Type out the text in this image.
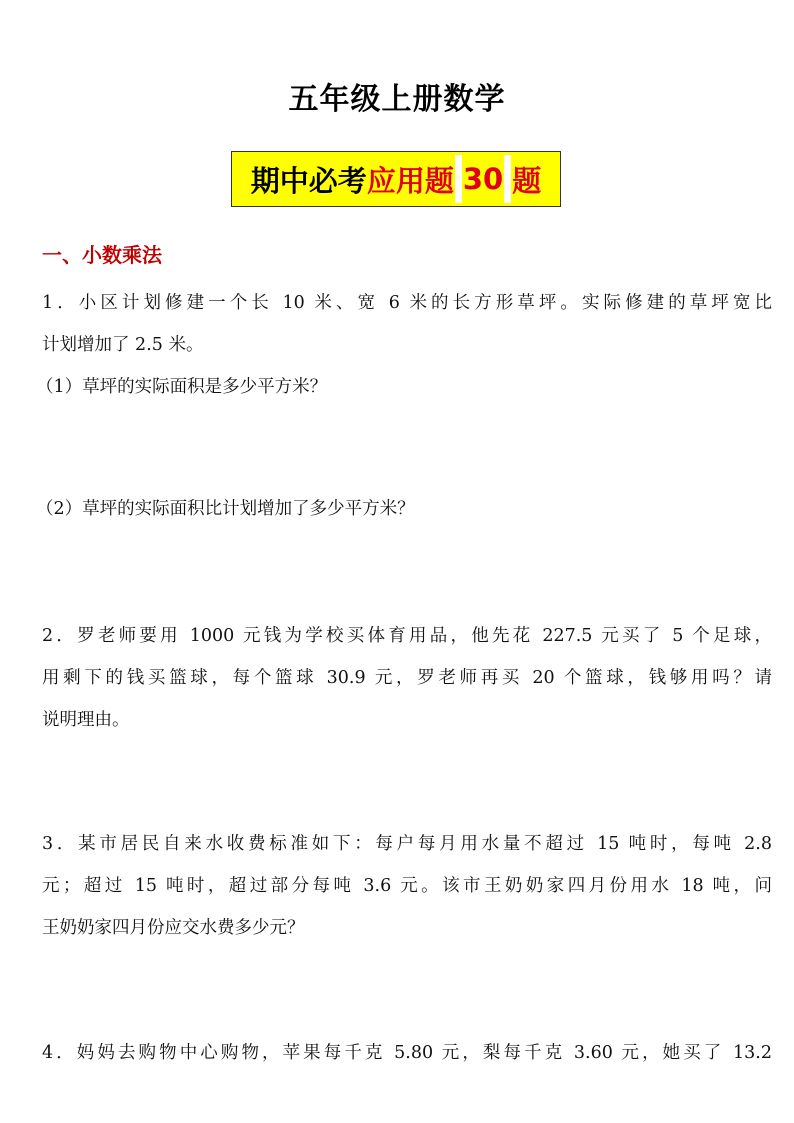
五年级上册数学
期中必考 应用题 30 题
一、小数乘法
1．小区计划修建一个长 10 米、宽 6 米的长方形草坪。实际修建的草坪宽比
计划增加了 2.5 米。
（1）草坪的实际面积是多少平方米？
（2）草坪的实际面积比计划增加了多少平方米？
2．罗老师要用 1000 元钱为学校买体育用品，他先花 227.5 元买了 5 个足球，
用剩下的钱买篮球，每个篮球 30.9 元，罗老师再买 20 个篮球，钱够用吗？请
说明理由。
3．某市居民自来水收费标准如下：每户每月用水量不超过 15 吨时，每吨 2.8
元；超过 15 吨时，超过部分每吨 3.6 元。该市王奶奶家四月份用水 18 吨，问
王奶奶家四月份应交水费多少元？
4．妈妈去购物中心购物，苹果每千克 5.80 元，梨每千克 3.60 元，她买了 13.2
